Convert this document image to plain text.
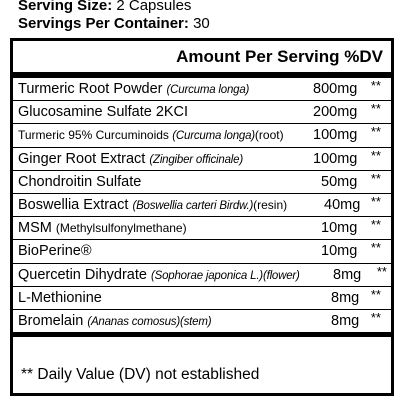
Serving Size: 2 Capsules
Servings Per Container: 30
Amount Per Serving %DV
Turmeric Root Powder (Curcuma longa)	800mg **
Glucosamine Sulfate 2KCI	200mg **
Turmeric 95% Curcuminoids (Curcuma longa)(root) 100mg **
Ginger Root Extract (Zingiber officinale)	100mg **
Chondroitin Sulfate	50mg **
Boswellia Extract (Boswellia carteri Birdw.)(resin)	40mg **
MSM (Methylsulfonylmethane)	10mg **
BioPerine®	10mg **
Quercetin Dihydrate (Sophorae japonica L.)(flower) 8mg **
L-Methionine	8mg **
Bromelain (Ananas comosus)(stem)	8mg **
** Daily Value (DV) not established
